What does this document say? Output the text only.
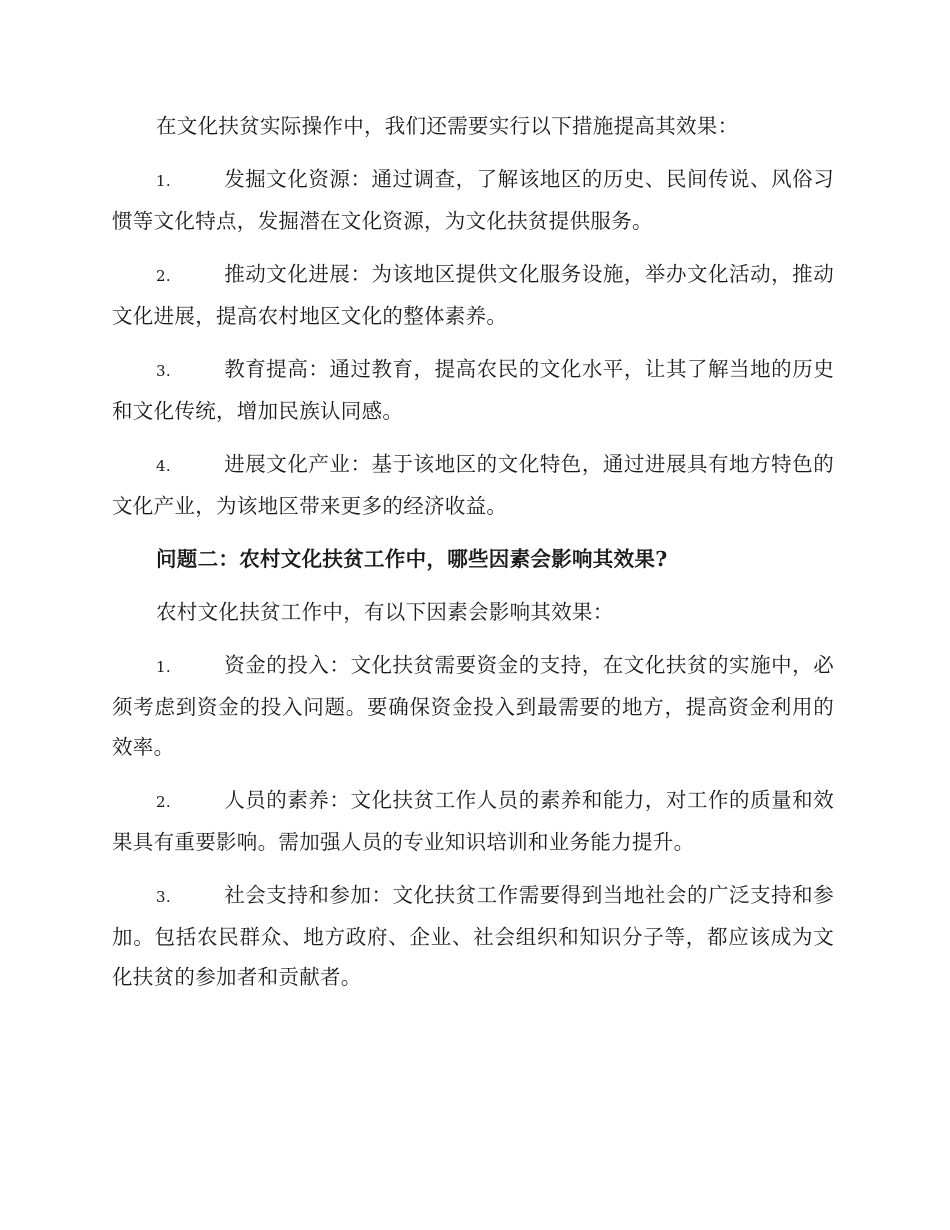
在文化扶贫实际操作中，我们还需要实行以下措施提高其效果：

1.	发掘文化资源：通过调查，了解该地区的历史、民间传说、风俗习惯等文化特点，发掘潜在文化资源，为文化扶贫提供服务。

2.	推动文化进展：为该地区提供文化服务设施，举办文化活动，推动文化进展，提高农村地区文化的整体素养。

3.	教育提高：通过教育，提高农民的文化水平，让其了解当地的历史和文化传统，增加民族认同感。

4.	进展文化产业：基于该地区的文化特色，通过进展具有地方特色的文化产业，为该地区带来更多的经济收益。

问题二：农村文化扶贫工作中，哪些因素会影响其效果?

农村文化扶贫工作中，有以下因素会影响其效果：

1.	资金的投入：文化扶贫需要资金的支持，在文化扶贫的实施中，必须考虑到资金的投入问题。要确保资金投入到最需要的地方，提高资金利用的效率。

2.	人员的素养：文化扶贫工作人员的素养和能力，对工作的质量和效果具有重要影响。需加强人员的专业知识培训和业务能力提升。

3.	社会支持和参加：文化扶贫工作需要得到当地社会的广泛支持和参加。包括农民群众、地方政府、企业、社会组织和知识分子等，都应该成为文化扶贫的参加者和贡献者。
